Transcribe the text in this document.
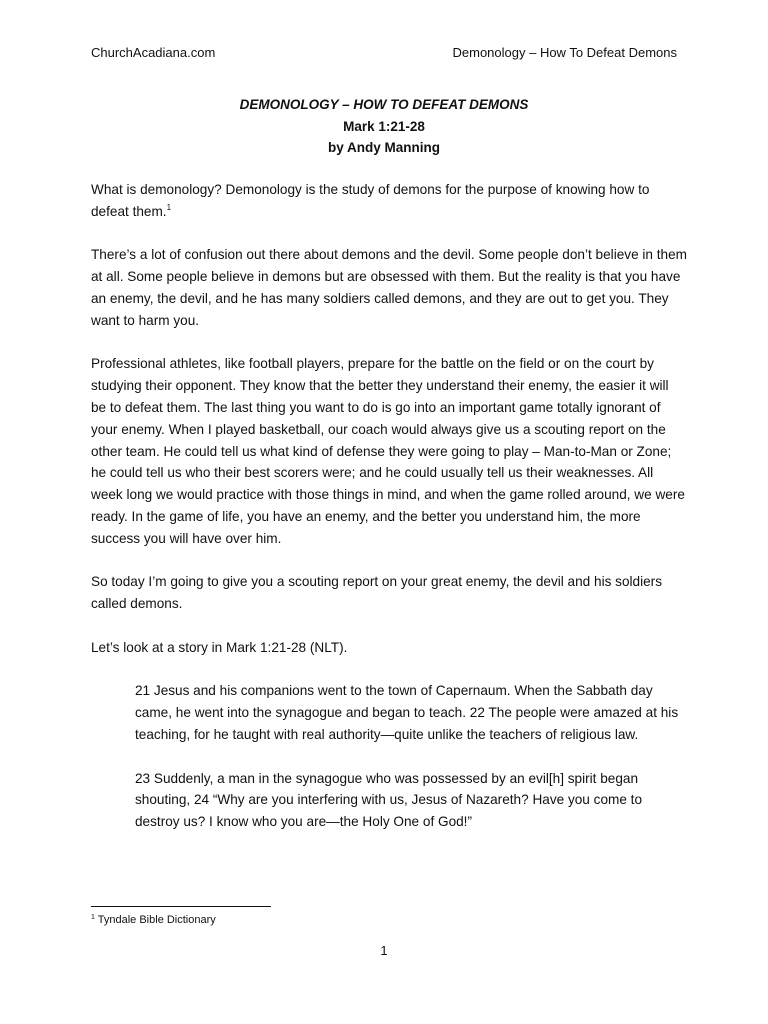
ChurchAcadiana.com	Demonology – How To Defeat Demons
DEMONOLOGY – HOW TO DEFEAT DEMONS
Mark 1:21-28
by Andy Manning

What is demonology? Demonology is the study of demons for the purpose of knowing how to defeat them.$^1$

There’s a lot of confusion out there about demons and the devil. Some people don’t believe in them at all. Some people believe in demons but are obsessed with them. But the reality is that you have an enemy, the devil, and he has many soldiers called demons, and they are out to get you. They want to harm you.

Professional athletes, like football players, prepare for the battle on the field or on the court by studying their opponent. They know that the better they understand their enemy, the easier it will be to defeat them. The last thing you want to do is go into an important game totally ignorant of your enemy. When I played basketball, our coach would always give us a scouting report on the other team. He could tell us what kind of defense they were going to play – Man-to-Man or Zone; he could tell us who their best scorers were; and he could usually tell us their weaknesses. All week long we would practice with those things in mind, and when the game rolled around, we were ready. In the game of life, you have an enemy, and the better you understand him, the more success you will have over him.

So today I’m going to give you a scouting report on your great enemy, the devil and his soldiers called demons.

Let’s look at a story in Mark 1:21-28 (NLT).

21 Jesus and his companions went to the town of Capernaum. When the Sabbath day came, he went into the synagogue and began to teach. 22 The people were amazed at his teaching, for he taught with real authority—quite unlike the teachers of religious law.

23 Suddenly, a man in the synagogue who was possessed by an evil[h] spirit began shouting, 24 “Why are you interfering with us, Jesus of Nazareth? Have you come to destroy us? I know who you are—the Holy One of God!”

$^1$ Tyndale Bible Dictionary
1
